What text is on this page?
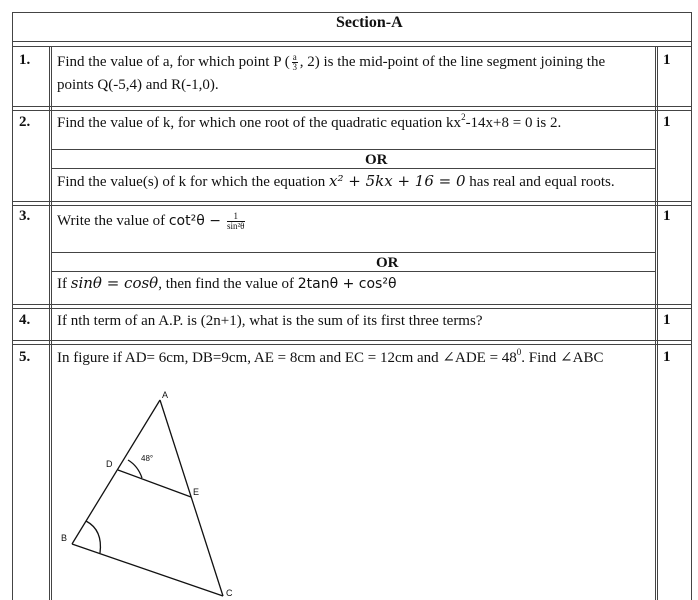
Section-A
1. Find the value of a, for which point P ( $\frac{a}{3}$ , 2) is the mid-point of the line segment joining the
points Q(-5,4) and R(-1,0).
1
2. Find the value of k, for which one root of the quadratic equation $kx^2-14x+8 = 0$ is 2.	1
OR
Find the value(s) of k for which the equation x² + 5kx + 16 = 0 has real and equal roots.
3. Write the value of $\cot^2\theta - \frac{1}{\text{sin²θ}}$	1
OR
If sinθ = cosθ, then find the value of 2tanθ + cos²θ
4. If nth term of an A.P. is (2n+1), what is the sum of its first three terms?	1
5. In figure if AD= 6cm, DB=9cm, AE = 8cm and EC = 12cm and ∠ADE = $48^0$. Find ∠ABC	1
A
D
E
B
C
48°
